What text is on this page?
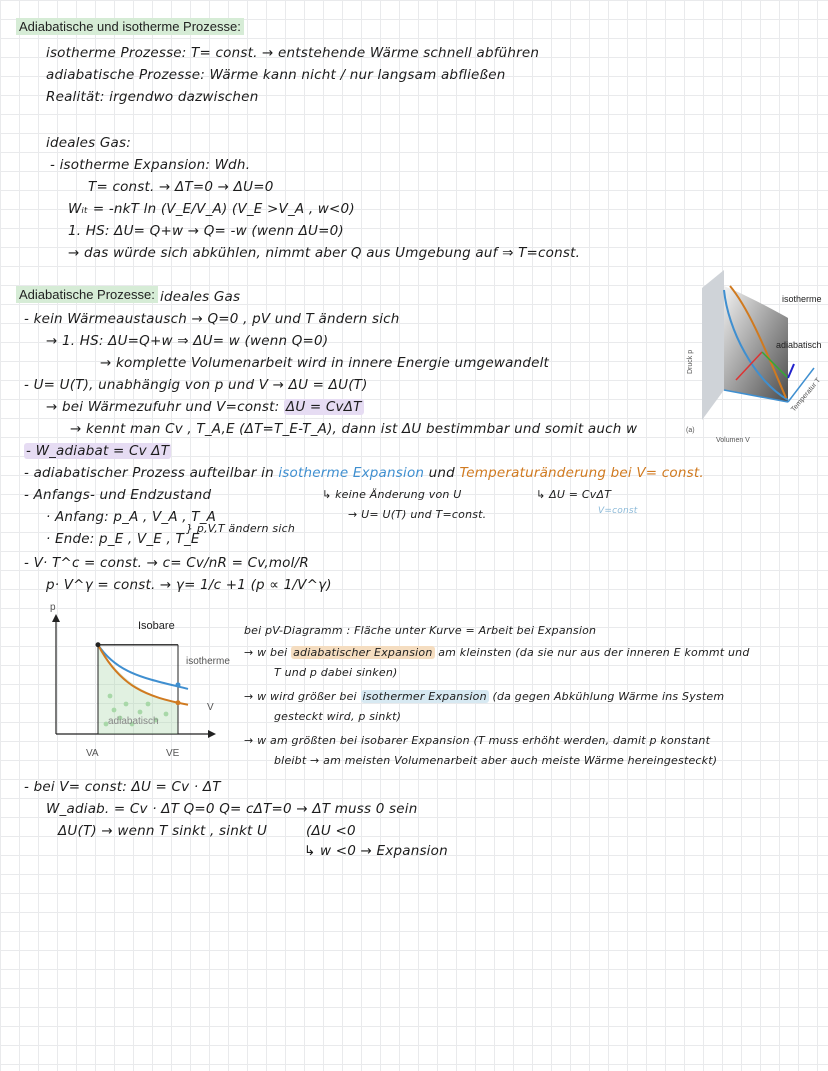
Adiabatische und isotherme Prozesse:
isotherme Prozesse: T= const. → entstehende Wärme schnell abführen
adiabatische Prozesse: Wärme kann nicht / nur langsam abfließen
Realität: irgendwo dazwischen
ideales Gas:
- isotherme Expansion: Wdh.
T= const. → ΔT=0 → ΔU=0
Wᵢₜ = -nkT ln (V_E/V_A) (V_E >V_A , w<0)
1. HS: ΔU= Q+w → Q= -w (wenn ΔU=0)
→ das würde sich abkühlen, nimmt aber Q aus Umgebung auf ⇒ T=const.
Adiabatische Prozesse: ideales Gas
- kein Wärmeaustausch → Q=0 , pV und T ändern sich
→ 1. HS: ΔU=Q+w ⇒ ΔU= w (wenn Q=0)
→ komplette Volumenarbeit wird in innere Energie umgewandelt
- U= U(T), unabhängig von p und V → ΔU = ΔU(T)
→ bei Wärmezufuhr und V=const: ΔU = CvΔT
→ kennt man Cv , T_A,E (ΔT=T_E-T_A), dann ist ΔU bestimmbar und somit auch w
- W_adiabat = Cv ΔT
- adiabatischer Prozess aufteilbar in isotherme Expansion und Temperaturänderung bei V= const.
↳ keine Änderung von U
→ U= U(T) und T=const.
↳ ΔU = CvΔT
V=const
- Anfangs- und Endzustand
· Anfang: p_A , V_A , T_A
· Ende: p_E , V_E , T_E
} p,V,T ändern sich
- V· T^c = const. → c= Cv/nR = Cv,mol/R
p· V^γ = const. → γ= 1/c +1 (p ∝ 1/V^γ)
Druck p
isotherme
adiabatisch
Volumen V
Temperatur T
(a)
p
V
Isobare
isotherme
adiabatisch
VA	VE
bei pV-Diagramm : Fläche unter Kurve = Arbeit bei Expansion
→ w bei adiabatischer Expansion am kleinsten (da sie nur aus der inneren E kommt und
T und p dabei sinken)
→ w wird größer bei isothermer Expansion (da gegen Abkühlung Wärme ins System
gesteckt wird, p sinkt)
→ w am größten bei isobarer Expansion (T muss erhöht werden, damit p konstant
bleibt → am meisten Volumenarbeit aber auch meiste Wärme hereingesteckt)
- bei V= const: ΔU = Cv · ΔT
W_adiab. = Cv · ΔT Q=0 Q= cΔT=0 → ΔT muss 0 sein
ΔU(T) → wenn T sinkt , sinkt U	(ΔU <0
↳ w <0 → Expansion
